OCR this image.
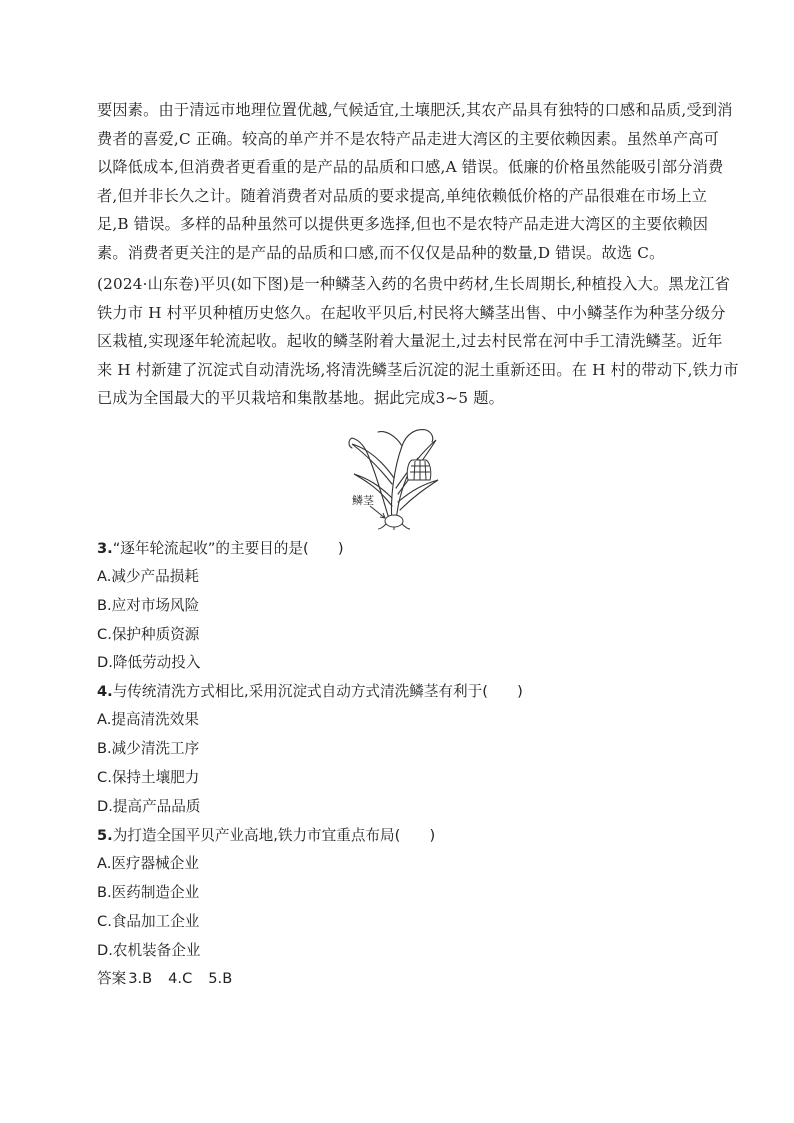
要因素。由于清远市地理位置优越,气候适宜,土壤肥沃,其农产品具有独特的口感和品质,受到消
费者的喜爱,C 正确。较高的单产并不是农特产品走进大湾区的主要依赖因素。虽然单产高可
以降低成本,但消费者更看重的是产品的品质和口感,A 错误。低廉的价格虽然能吸引部分消费
者,但并非长久之计。随着消费者对品质的要求提高,单纯依赖低价格的产品很难在市场上立
足,B 错误。多样的品种虽然可以提供更多选择,但也不是农特产品走进大湾区的主要依赖因
素。消费者更关注的是产品的品质和口感,而不仅仅是品种的数量,D 错误。故选 C。
(2024·山东卷)平贝(如下图)是一种鳞茎入药的名贵中药材,生长周期长,种植投入大。黑龙江省
铁力市 H 村平贝种植历史悠久。在起收平贝后,村民将大鳞茎出售、中小鳞茎作为种茎分级分
区栽植,实现逐年轮流起收。起收的鳞茎附着大量泥土,过去村民常在河中手工清洗鳞茎。近年
来 H 村新建了沉淀式自动清洗场,将清洗鳞茎后沉淀的泥土重新还田。在 H 村的带动下,铁力市
已成为全国最大的平贝栽培和集散基地。据此完成3~5 题。
鳞茎
3.“逐年轮流起收”的主要目的是(　　)
A.减少产品损耗
B.应对市场风险
C.保护种质资源
D.降低劳动投入
4.与传统清洗方式相比,采用沉淀式自动方式清洗鳞茎有利于(　　)
A.提高清洗效果
B.减少清洗工序
C.保持土壤肥力
D.提高产品品质
5.为打造全国平贝产业高地,铁力市宜重点布局(　　)
A.医疗器械企业
B.医药制造企业
C.食品加工企业
D.农机装备企业
答案 3.B 4.C 5.B
